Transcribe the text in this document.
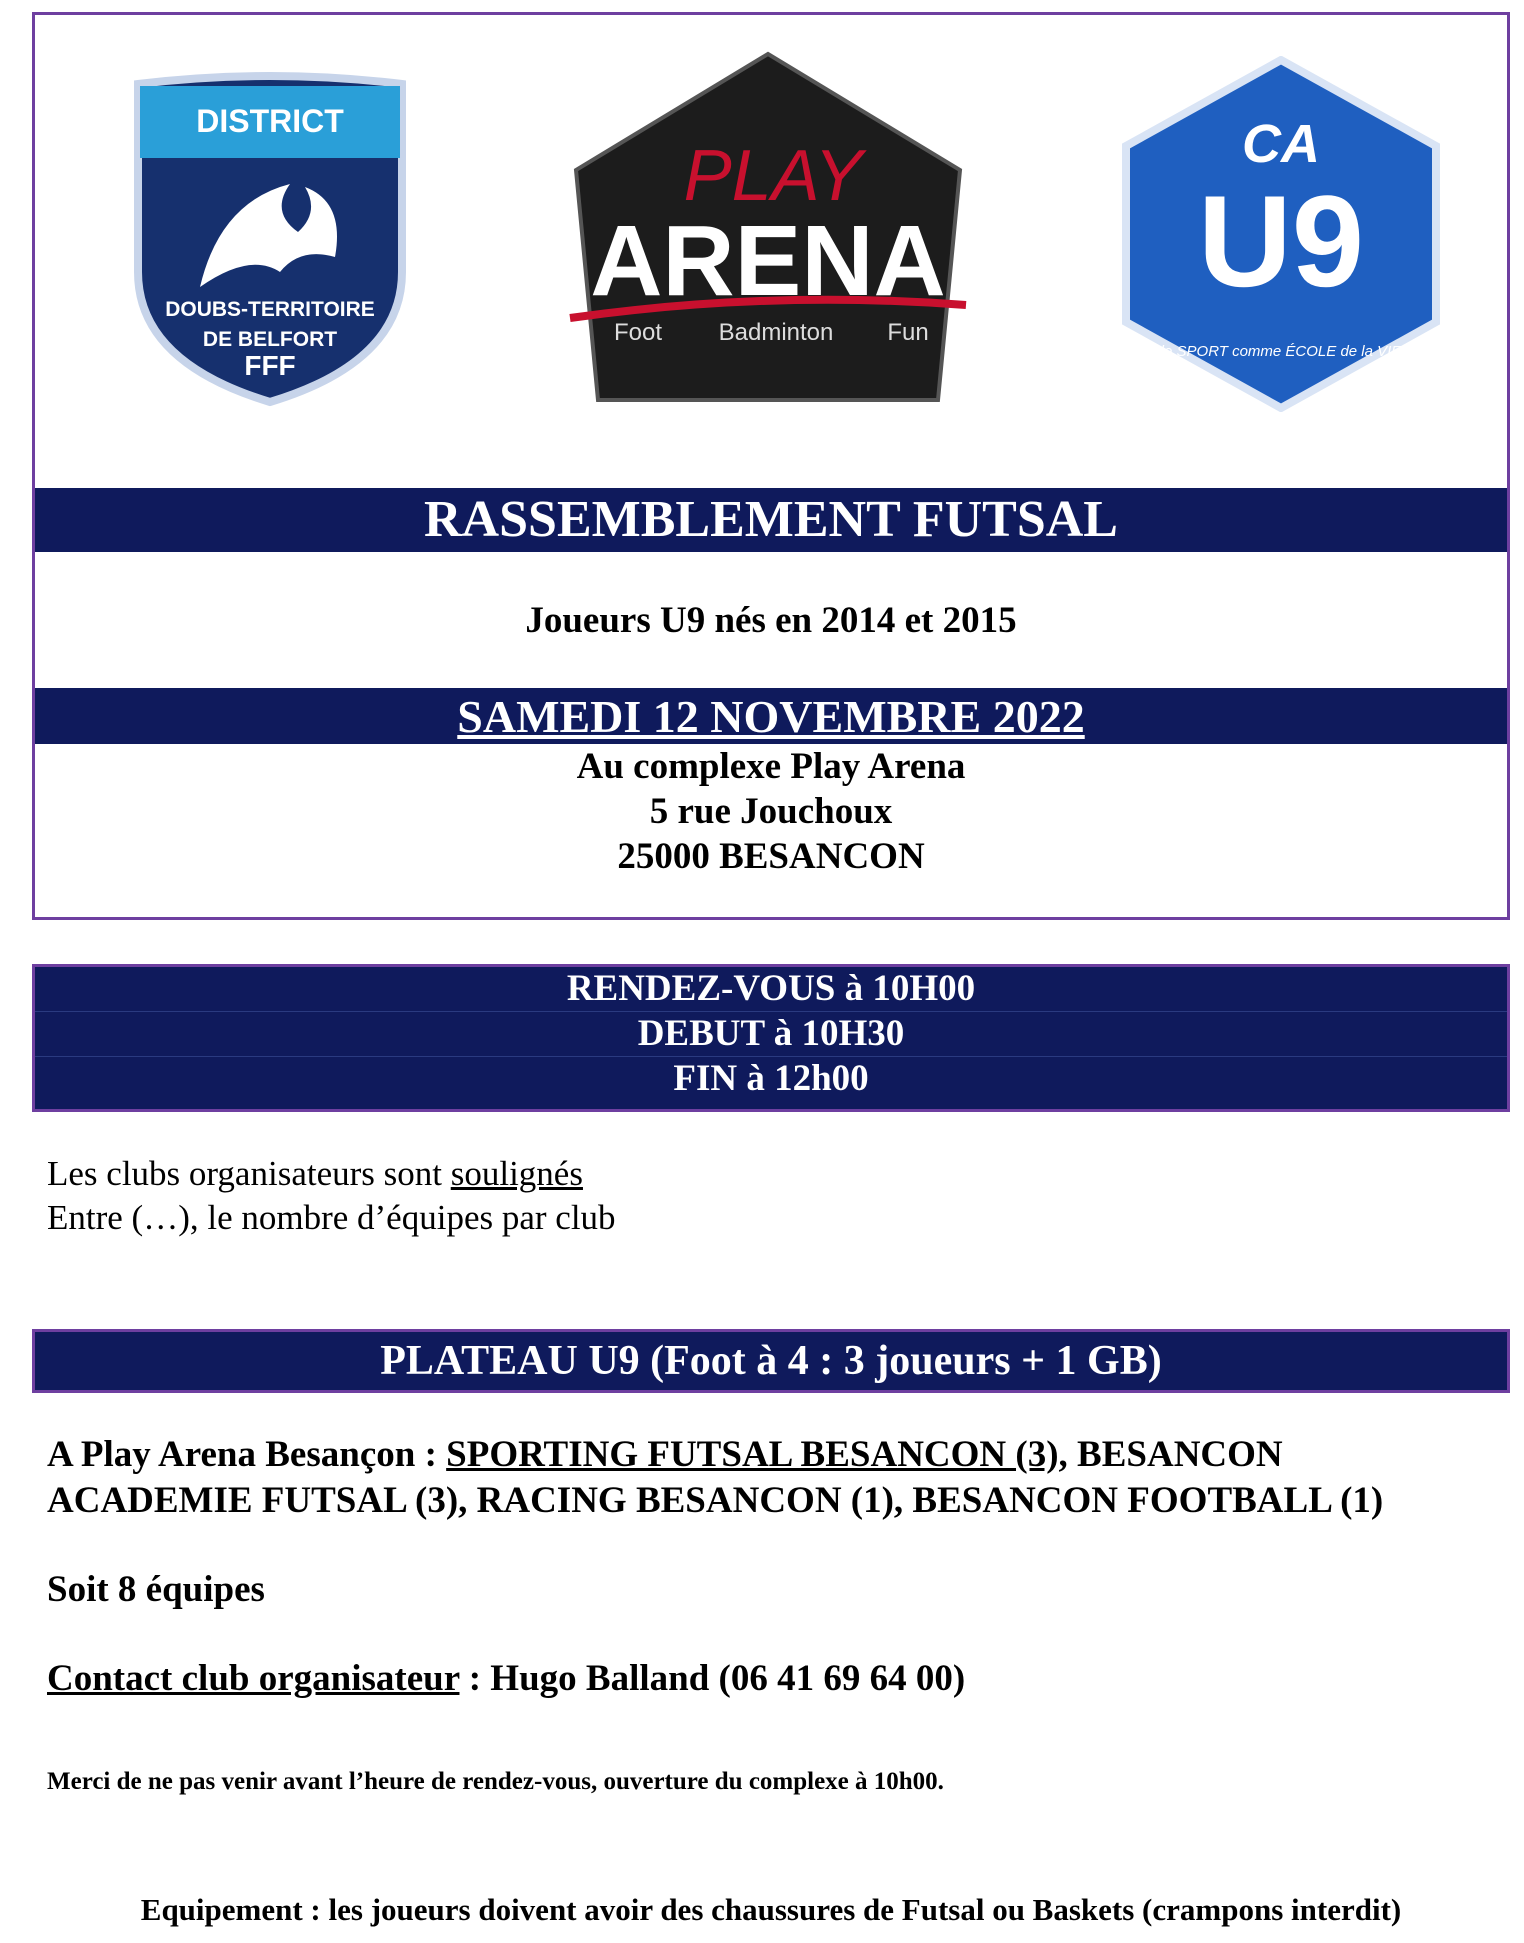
DISTRICT
DOUBS-TERRITOIRE
DE BELFORT
FFF
PLAY
ARENA
Foot Badminton Fun
CA
U9
le SPORT comme ÉCOLE de la VIE
RASSEMBLEMENT FUTSAL
Joueurs U9 nés en 2014 et 2015
SAMEDI 12 NOVEMBRE 2022
Au complexe Play Arena
5 rue Jouchoux
25000 BESANCON
RENDEZ-VOUS à 10H00
DEBUT à 10H30
FIN à 12h00
Les clubs organisateurs sont soulignés
Entre (…), le nombre d’équipes par club
PLATEAU U9 (Foot à 4 : 3 joueurs + 1 GB)
A Play Arena Besançon : SPORTING FUTSAL BESANCON (3), BESANCON ACADEMIE FUTSAL (3), RACING BESANCON (1), BESANCON FOOTBALL (1)
Soit 8 équipes
Contact club organisateur : Hugo Balland (06 41 69 64 00)
Merci de ne pas venir avant l’heure de rendez-vous, ouverture du complexe à 10h00.
Equipement : les joueurs doivent avoir des chaussures de Futsal ou Baskets (crampons interdit)
